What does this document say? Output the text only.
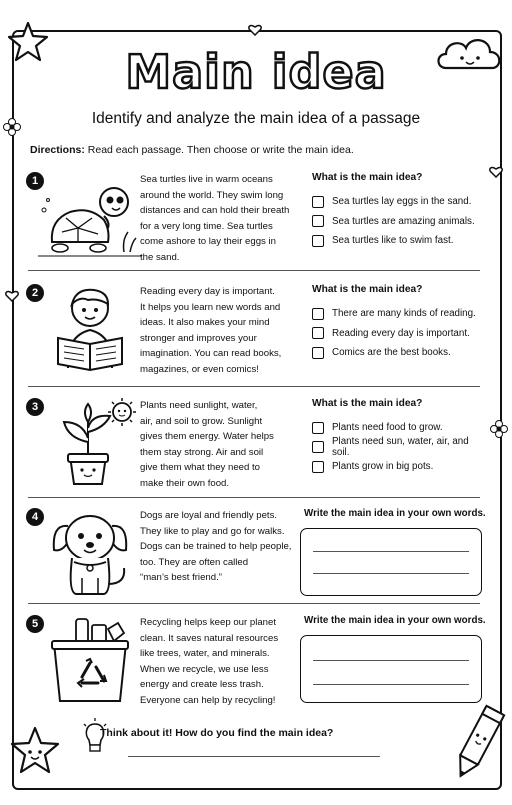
Main idea
Identify and analyze the main idea of a passage
Directions: Read each passage. Then choose or write the main idea.
1	Sea turtles live in warm oceans
around the world. They swim long
distances and can hold their breath
for a very long time. Sea turtles
come ashore to lay their eggs in
the sand.
What is the main idea?
Sea turtles lay eggs in the sand.
Sea turtles are amazing animals.
Sea turtles like to swim fast.
2	Reading every day is important.
It helps you learn new words and
ideas. It also makes your mind
stronger and improves your
imagination. You can read books,
magazines, or even comics!
What is the main idea?
There are many kinds of reading.
Reading every day is important.
Comics are the best books.
3	Plants need sunlight, water,
air, and soil to grow. Sunlight
gives them energy. Water helps
them stay strong. Air and soil
give them what they need to
make their own food.
What is the main idea?
Plants need food to grow.
Plants need sun, water, air, and soil.
Plants grow in big pots.
4	Dogs are loyal and friendly pets.
They like to play and go for walks.
Dogs can be trained to help people,
too. They are often called
“man’s best friend.”
Write the main idea in your own words.
5	Recycling helps keep our planet
clean. It saves natural resources
like trees, water, and minerals.
When we recycle, we use less
energy and create less trash.
Everyone can help by recycling!
Write the main idea in your own words.
Think about it! How do you find the main idea?
